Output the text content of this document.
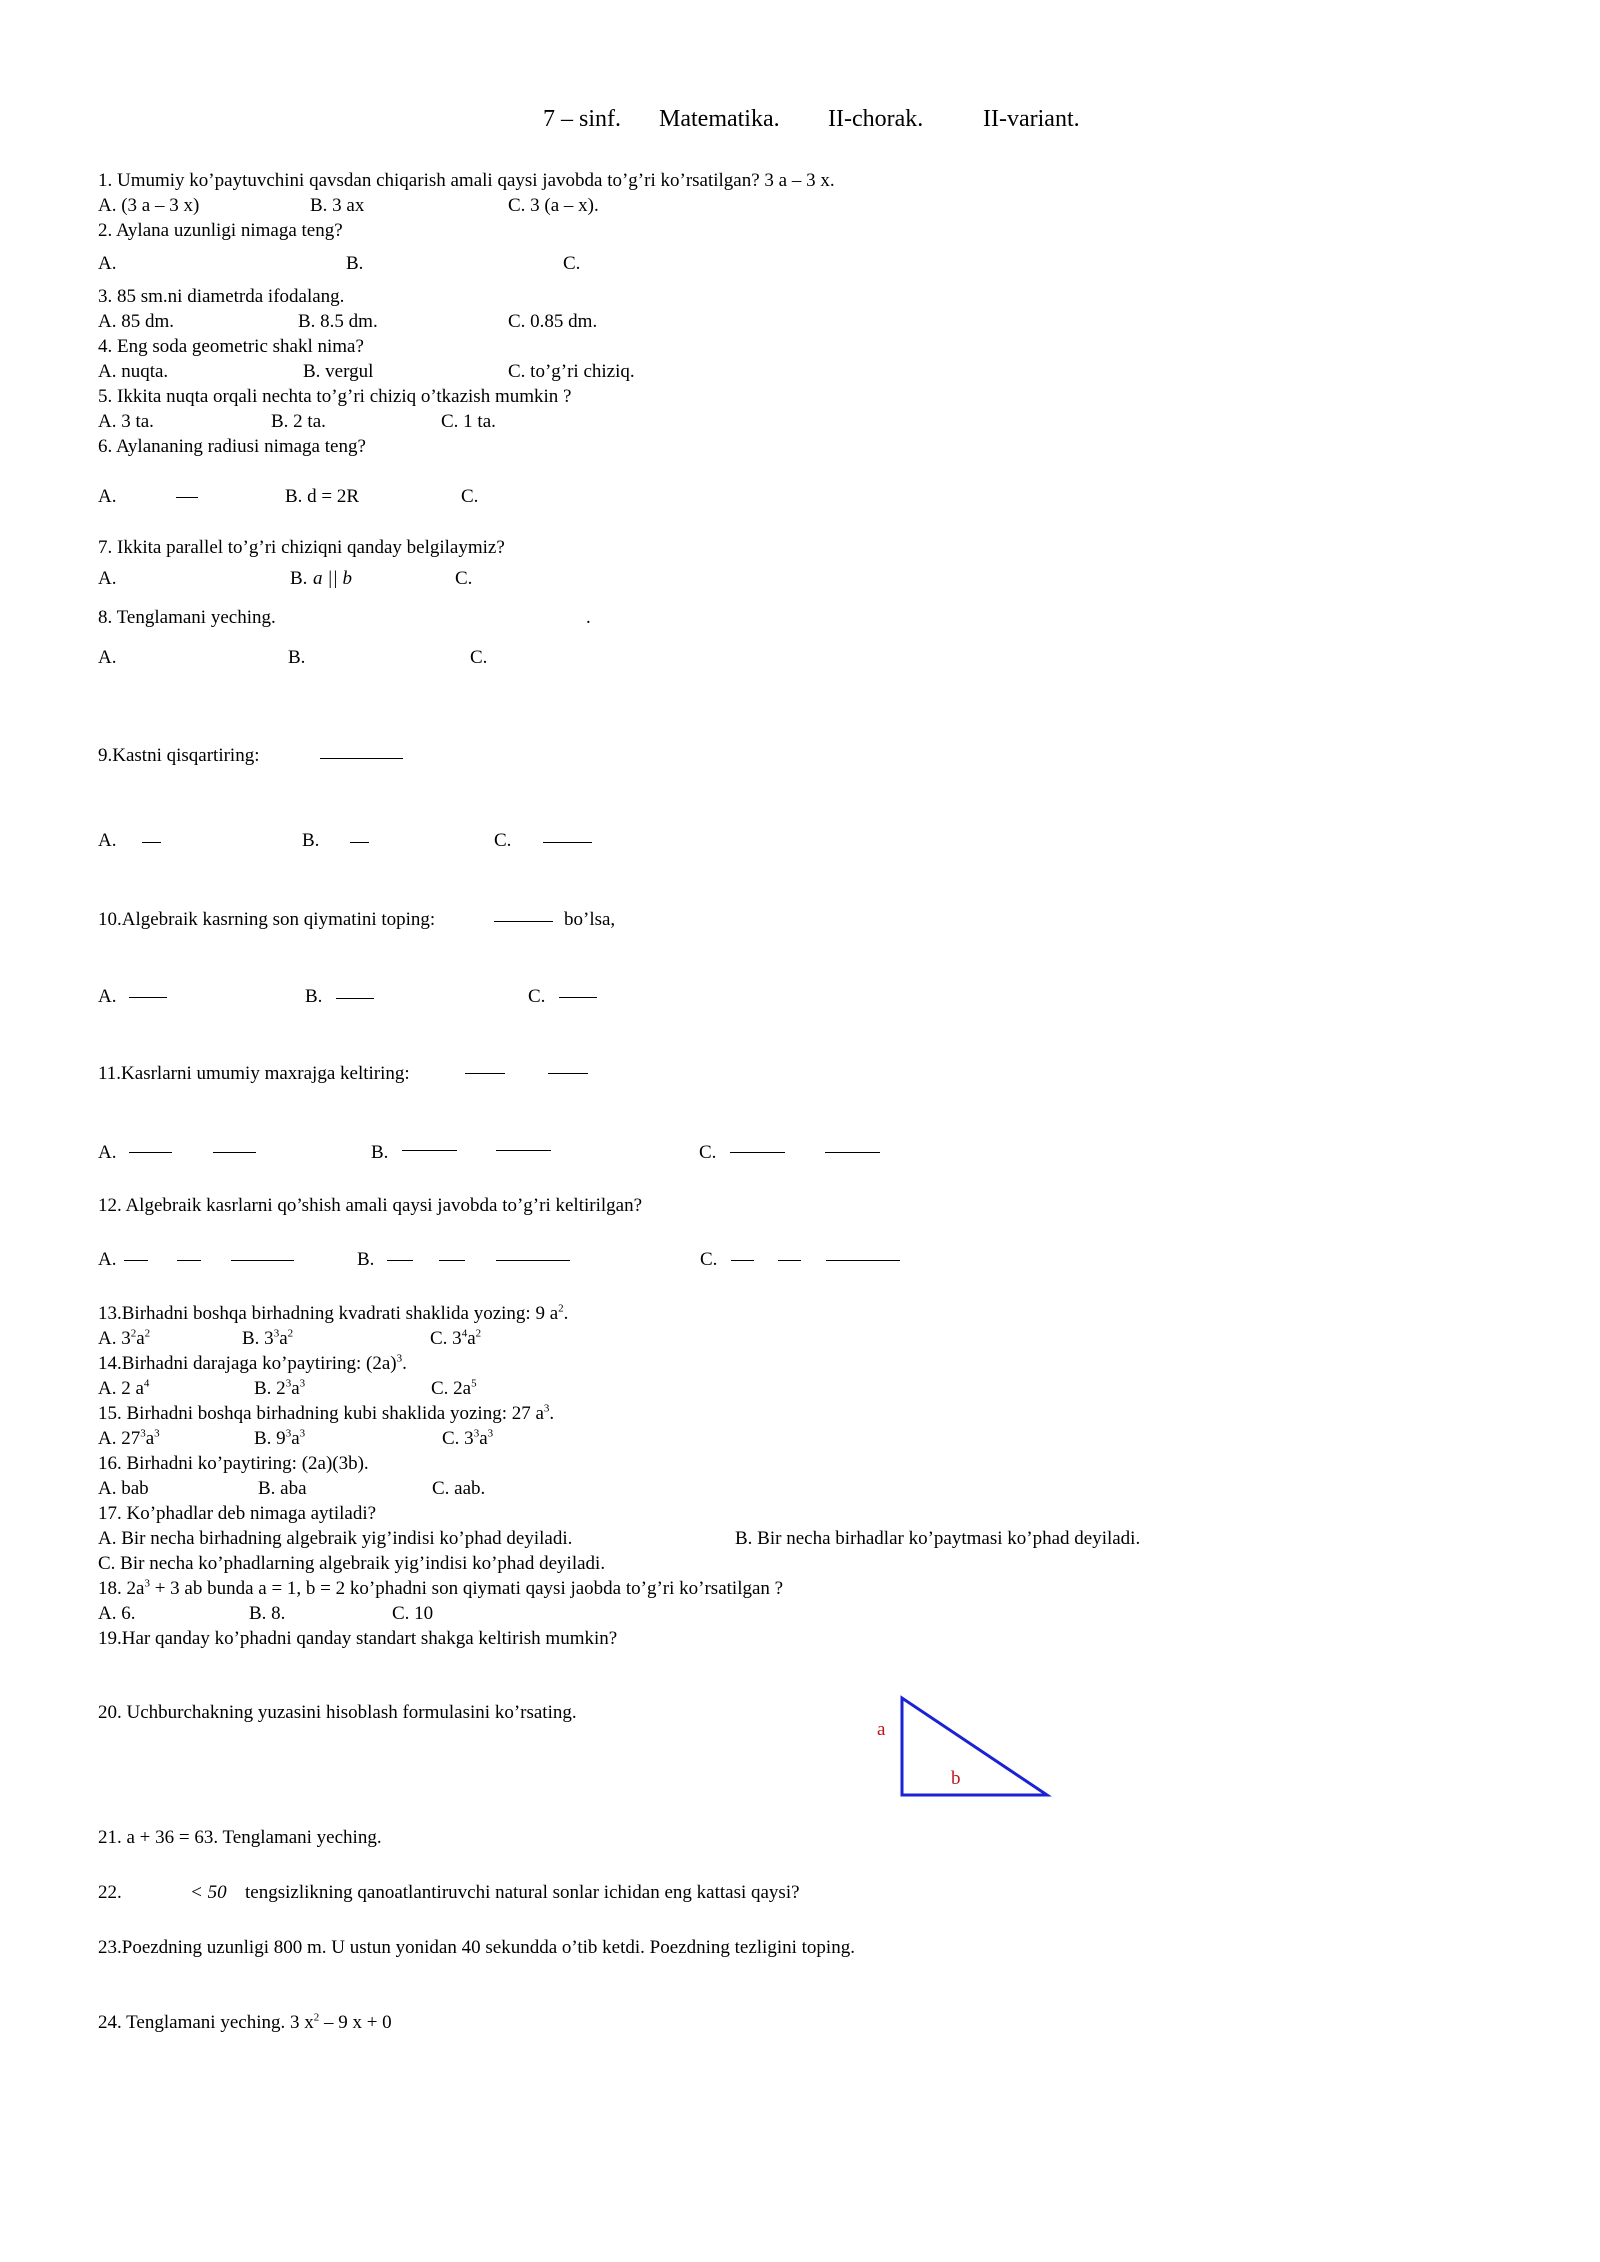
7 – sinf. Matematika. II-chorak. II-variant.
1. Umumiy ko’paytuvchini qavsdan chiqarish amali qaysi javobda to’g’ri ko’rsatilgan? 3 a – 3 x.
A. (3 a – 3 x)	B. 3 ax	C. 3 (a – x).
2. Aylana uzunligi nimaga teng?
A.	B.	C.
3. 85 sm.ni diametrda ifodalang.
A. 85 dm.	B. 8.5 dm.	C. 0.85 dm.
4. Eng soda geometric shakl nima?
A. nuqta.	B. vergul	C. to’g’ri chiziq.
5. Ikkita nuqta orqali nechta to’g’ri chiziq o’tkazish mumkin ?
A. 3 ta.	B. 2 ta.	C. 1 ta.
6. Aylananing radiusi nimaga teng?
A.	B. d = 2R	C.
7. Ikkita parallel to’g’ri chiziqni qanday belgilaymiz?
A.	B. a || b	C.
8. Tenglamani yeching.	.
A.	B.	C.
9.Kastni qisqartiring:
A.	B.	C.
10.Algebraik kasrning son qiymatini toping:	bo’lsa,
A.	B.	C.
11.Kasrlarni umumiy maxrajga keltiring:
A.	B.	C.
12. Algebraik kasrlarni qo’shish amali qaysi javobda to’g’ri keltirilgan?
A.	B.	C.
13.Birhadni boshqa birhadning kvadrati shaklida yozing: 9 $a^2$.
A. $3^2a^2$	B. $3^3a^2$	C. $3^4a^2$
14.Birhadni darajaga ko’paytiring: $(2a)^3$.
A. 2 $a^4$	B. $2^3a^3$	C. $2a^5$
15. Birhadni boshqa birhadning kubi shaklida yozing: 27 $a^3$.
A. $27^3a^3$	B. $9^3a^3$	C. $3^3a^3$
16. Birhadni ko’paytiring: (2a)(3b).
A. bab	B. aba	C. aab.
17. Ko’phadlar deb nimaga aytiladi?
A. Bir necha birhadning algebraik yig’indisi ko’phad deyiladi.	B. Bir necha birhadlar ko’paytmasi ko’phad deyiladi.
C. Bir necha ko’phadlarning algebraik yig’indisi ko’phad deyiladi.
18. $2a^3 + 3$ ab bunda a = 1, b = 2 ko’phadni son qiymati qaysi jaobda to’g’ri ko’rsatilgan ?
A. 6.	B. 8.	C. 10
19.Har qanday ko’phadni qanday standart shakga keltirish mumkin?
20. Uchburchakning yuzasini hisoblash formulasini ko’rsating.
a
b
21. a + 36 = 63. Tenglamani yeching.
22.	< 50 tengsizlikning qanoatlantiruvchi natural sonlar ichidan eng kattasi qaysi?
23.Poezdning uzunligi 800 m. U ustun yonidan 40 sekundda o’tib ketdi. Poezdning tezligini toping.
24. Tenglamani yeching. 3 $x^2 - 9$ x + 0
